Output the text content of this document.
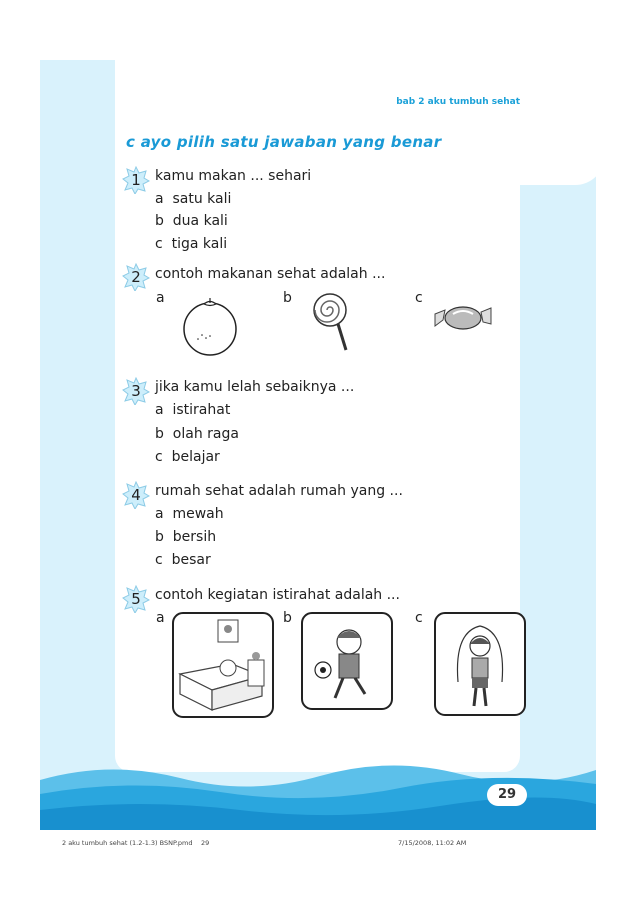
bab 2 aku tumbuh sehat
c ayo pilih satu jawaban yang benar
1	kamu makan ... sehari
a  satu kali
b  dua kali
c  tiga kali
2	contoh makanan sehat adalah ...
a	b	c
3	jika kamu lelah sebaiknya ...
a  istirahat
b  olah raga
c  belajar
4	rumah sehat adalah rumah yang ...
a  mewah
b  bersih
c  besar
5	contoh kegiatan istirahat adalah ...
a	b	c
29
2 aku tumbuh sehat (1.2-1.3) BSNP.pmd 29	7/15/2008, 11:02 AM
